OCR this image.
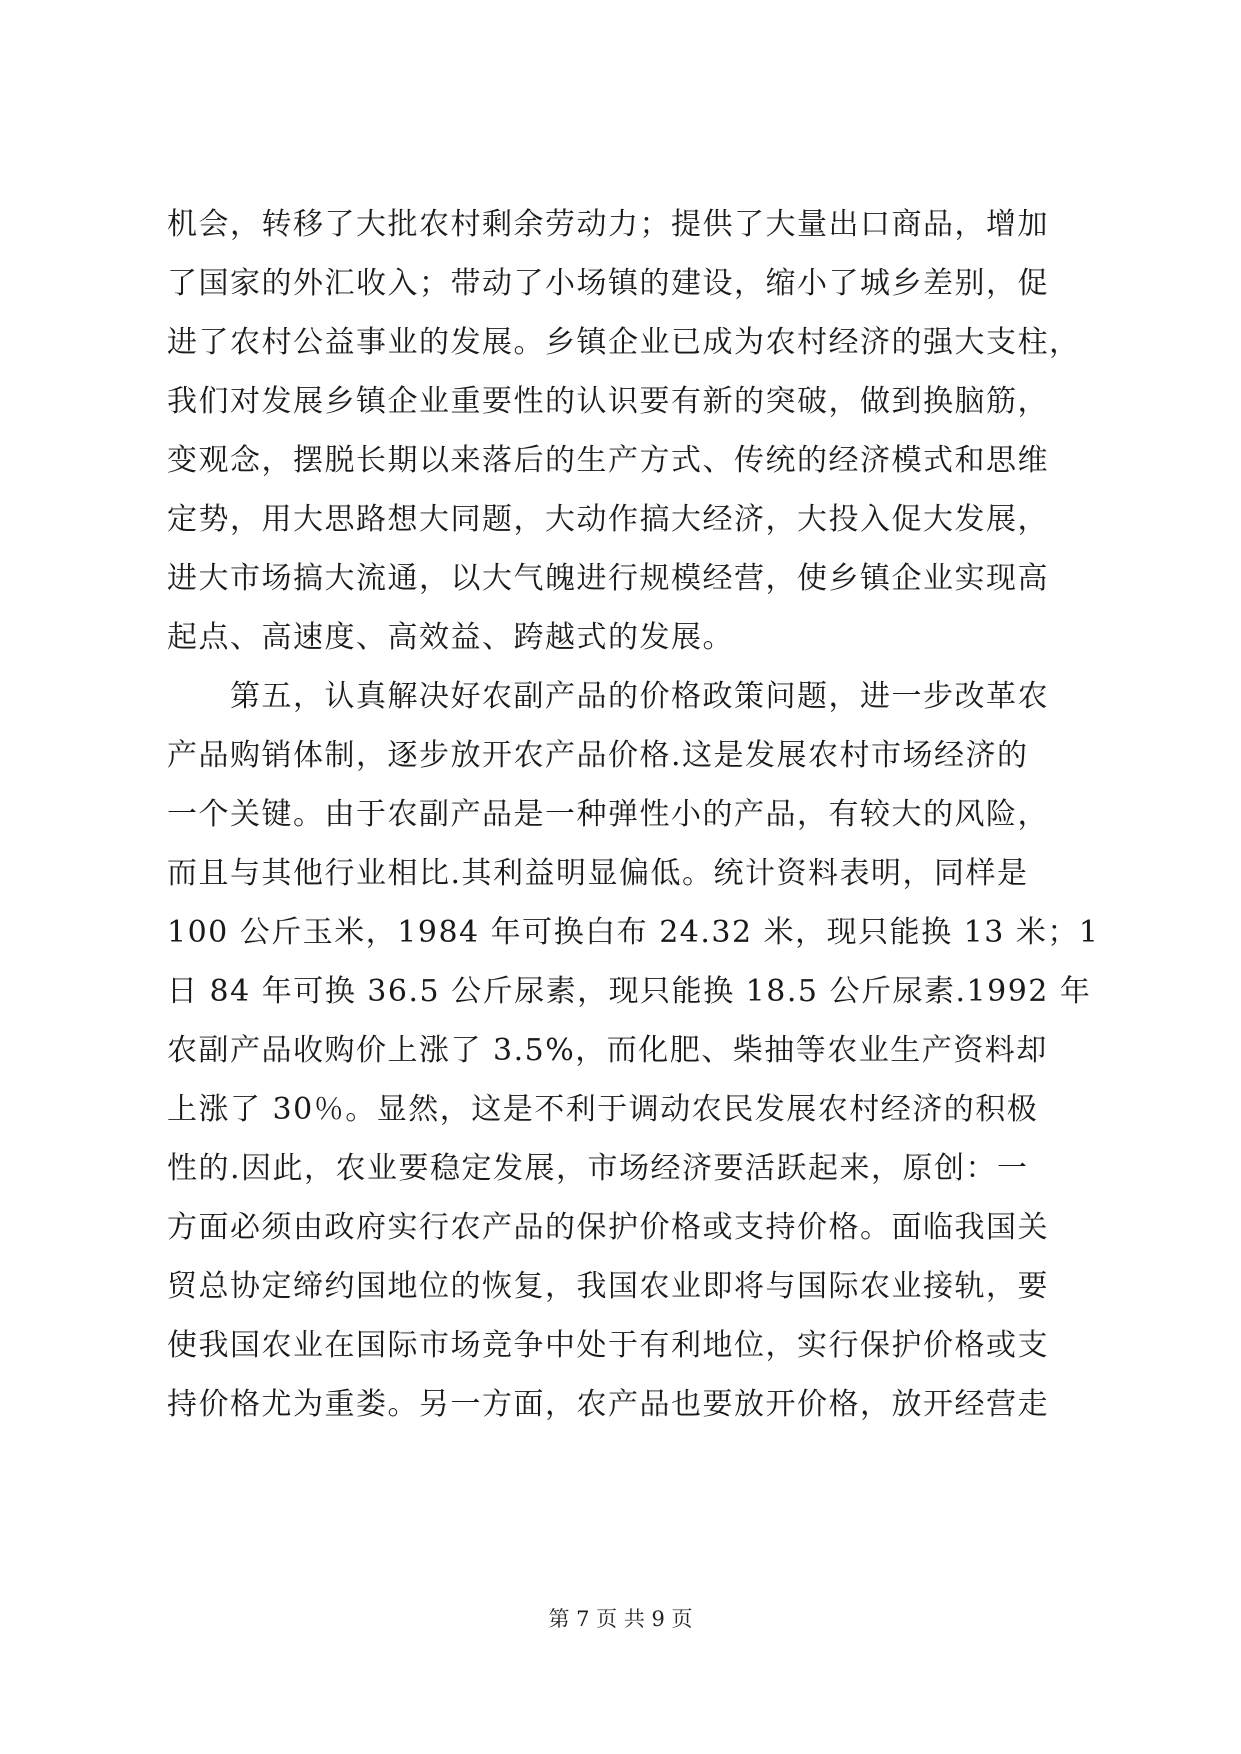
机会，转移了大批农村剩余劳动力；提供了大量出口商品，增加
了国家的外汇收入；带动了小场镇的建设，缩小了城乡差别，促
进了农村公益事业的发展。乡镇企业已成为农村经济的强大支柱，
我们对发展乡镇企业重要性的认识要有新的突破，做到换脑筋，
变观念，摆脱长期以来落后的生产方式、传统的经济模式和思维
定势，用大思路想大同题，大动作搞大经济，大投入促大发展，
进大市场搞大流通，以大气魄进行规模经营，使乡镇企业实现高
起点、高速度、高效益、跨越式的发展。
　　第五，认真解决好农副产品的价格政策问题，进一步改革农
产品购销体制，逐步放开农产品价格.这是发展农村市场经济的
一个关键。由于农副产品是一种弹性小的产品，有较大的风险，
而且与其他行业相比.其利益明显偏低。统计资料表明，同样是
100 公斤玉米，1984 年可换白布 24.32 米，现只能换 13 米；1
日 84 年可换 36.5 公斤尿素，现只能换 18.5 公斤尿素.1992 年
农副产品收购价上涨了 3.5%，而化肥、柴抽等农业生产资料却
上涨了 30％。显然，这是不利于调动农民发展农村经济的积极
性的.因此，农业要稳定发展，市场经济要活跃起来，原创：一
方面必须由政府实行农产品的保护价格或支持价格。面临我国关
贸总协定缔约国地位的恢复，我国农业即将与国际农业接轨，要
使我国农业在国际市场竞争中处于有利地位，实行保护价格或支
持价格尤为重娄。另一方面，农产品也要放开价格，放开经营走
第 7 页 共 9 页
